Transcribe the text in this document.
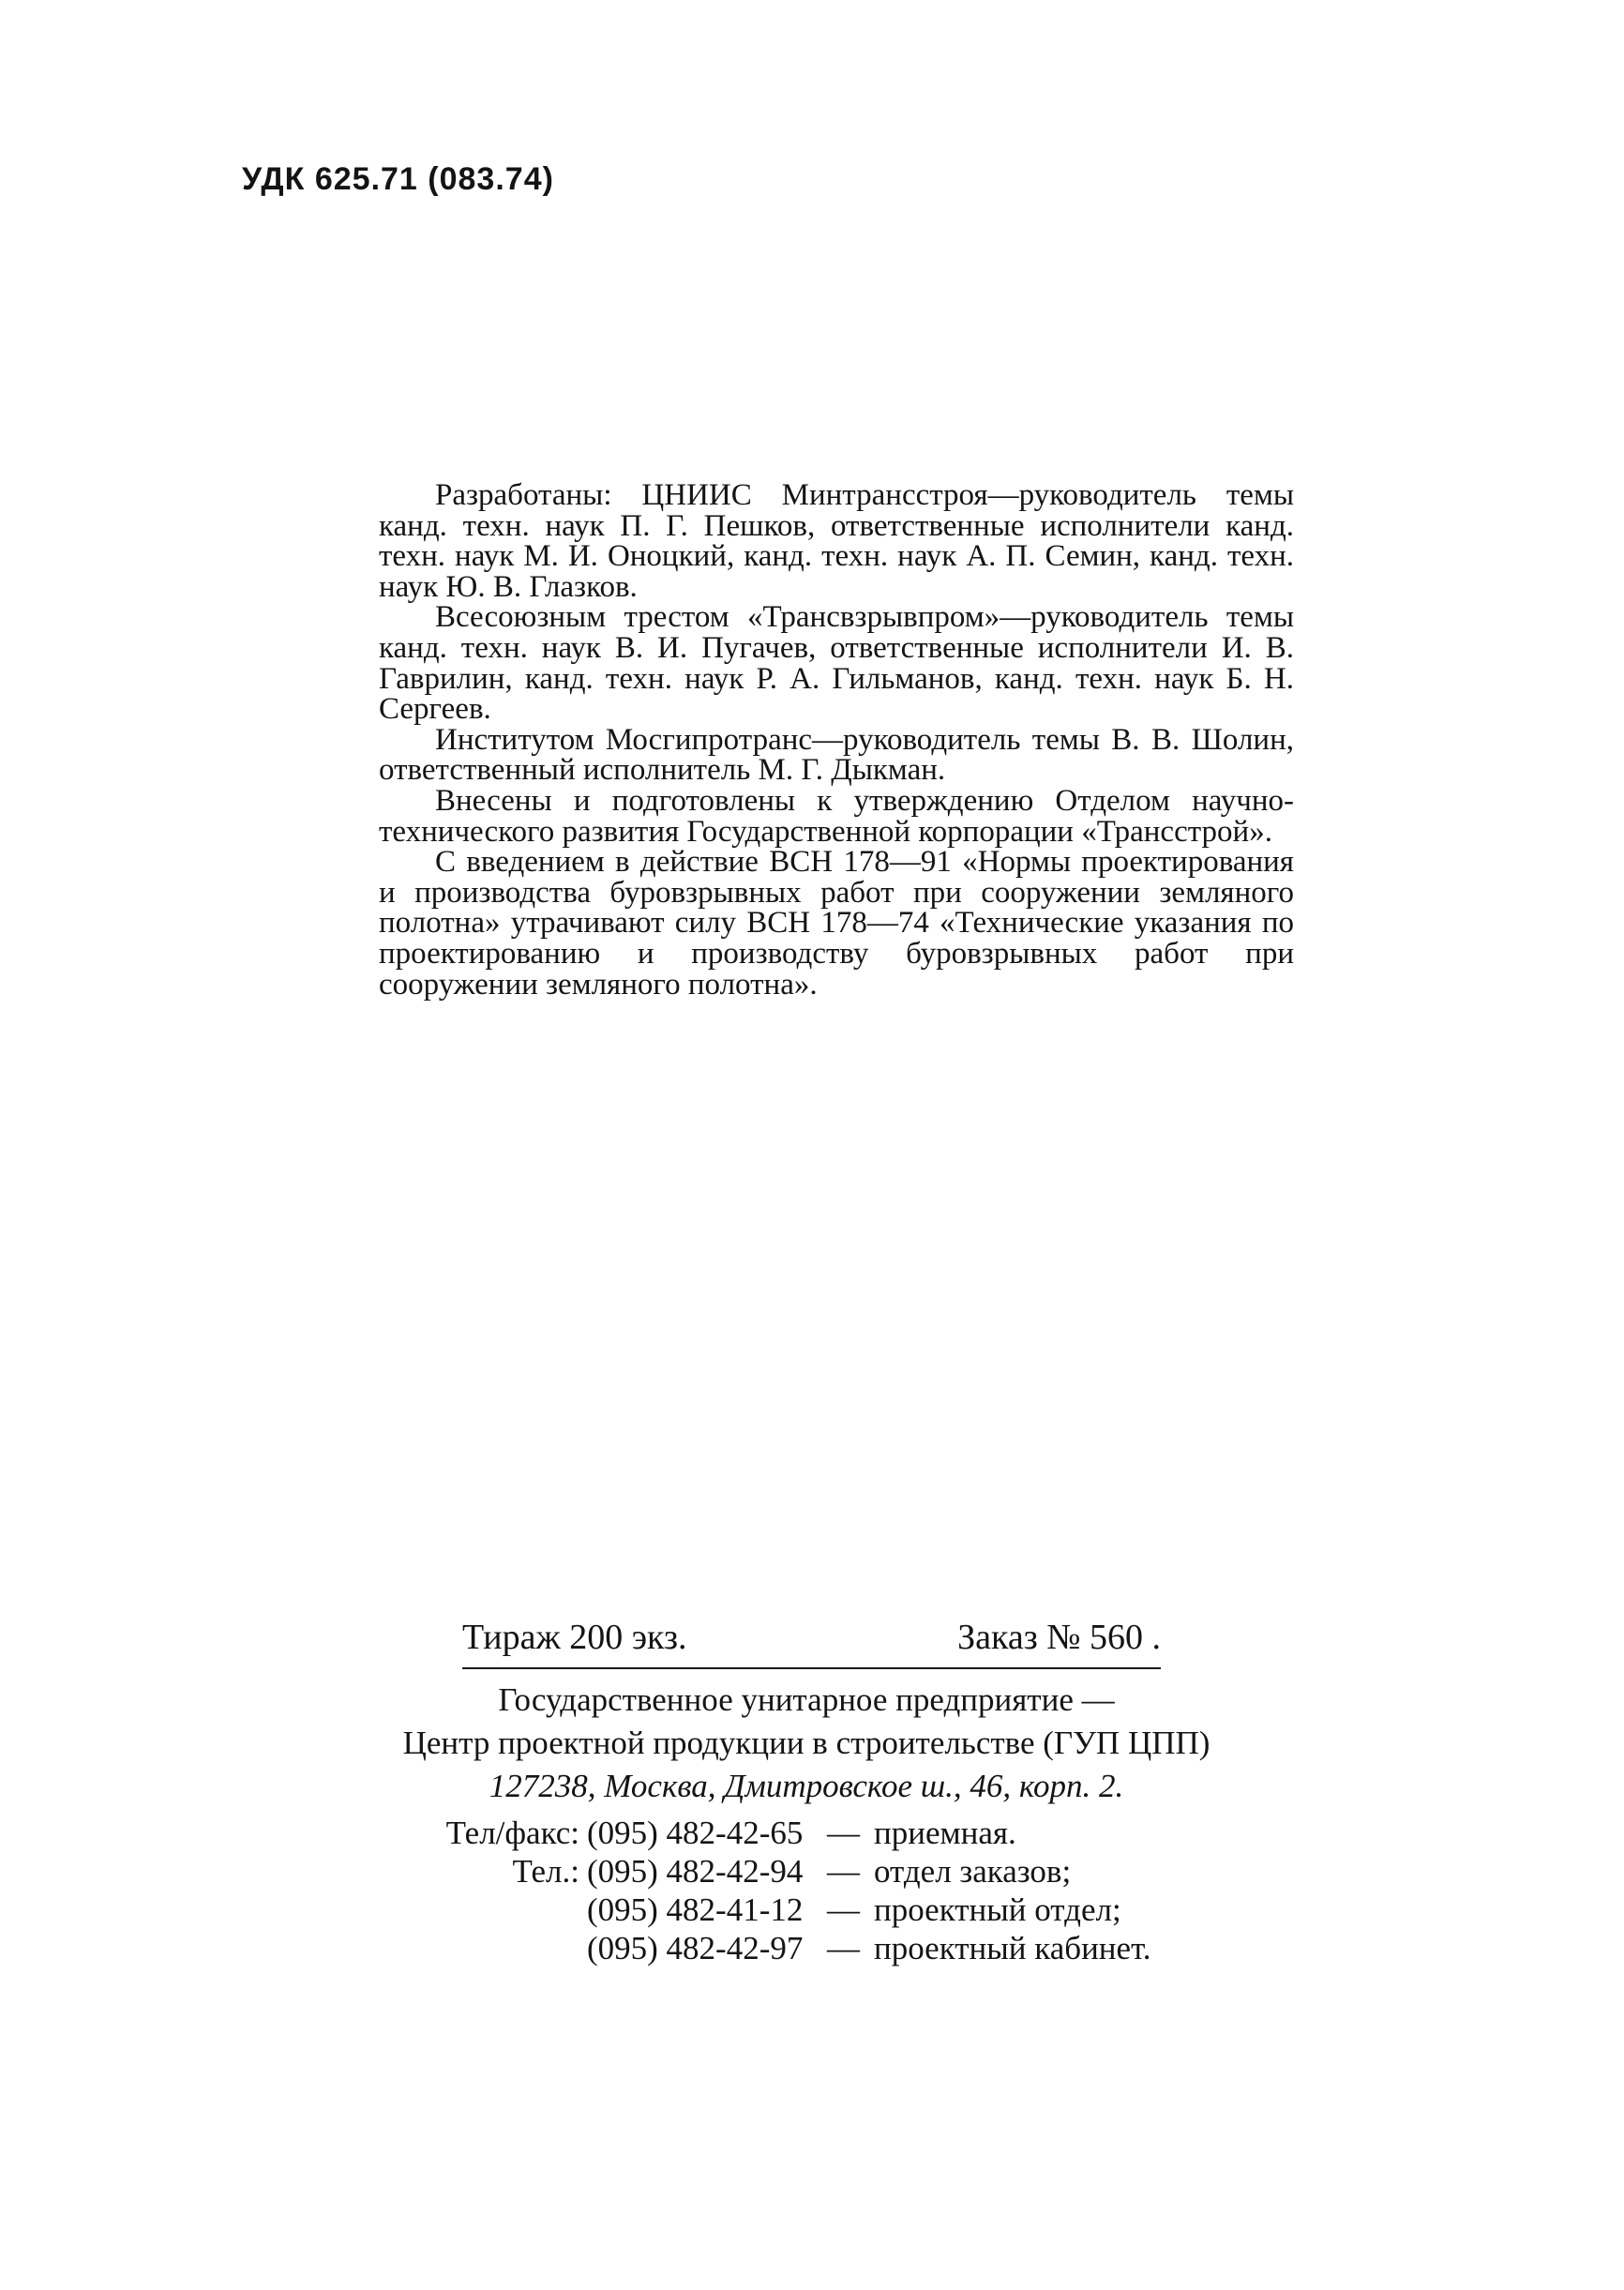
УДК 625.71 (083.74)

Разработаны: ЦНИИС Минтрансстроя—руководитель темы канд. техн. наук П. Г. Пешков, ответственные исполнители канд. техн. наук М. И. Оноцкий, канд. техн. наук А. П. Семин, канд. техн. наук Ю. В. Глазков.

Всесоюзным трестом «Трансвзрывпром»—руководитель темы канд. техн. наук В. И. Пугачев, ответственные исполнители И. В. Гаврилин, канд. техн. наук Р. А. Гильманов, канд. техн. наук Б. Н. Сергеев.

Институтом Мосгипротранс—руководитель темы В. В. Шолин, ответственный исполнитель М. Г. Дыкман.

Внесены и подготовлены к утверждению Отделом научно-технического развития Государственной корпорации «Трансстрой».

С введением в действие ВСН 178—91 «Нормы проектирования и производства буровзрывных работ при сооружении земляного полотна» утрачивают силу ВСН 178—74 «Технические указания по проектированию и производству буровзрывных работ при сооружении земляного полотна».

Тираж 200 экз.	Заказ № 560 .
Государственное унитарное предприятие —
Центр проектной продукции в строительстве (ГУП ЦПП)
127238, Москва, Дмитровское ш., 46, корп. 2.
Тел/факс: (095) 482-42-65 — приемная.
Тел.: (095) 482-42-94 — отдел заказов;
(095) 482-41-12 — проектный отдел;
(095) 482-42-97 — проектный кабинет.
